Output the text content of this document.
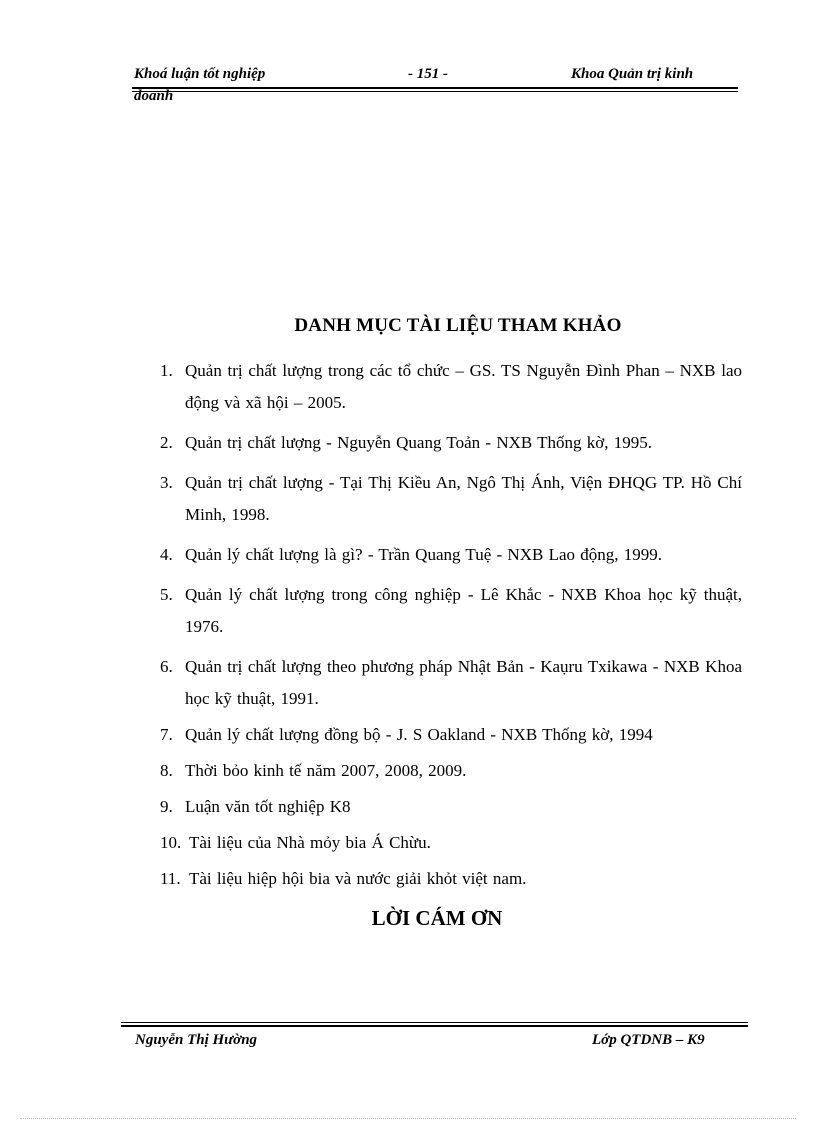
Khoá luận tốt nghiệp	- 151 -	Khoa Quản trị kinh
doanh
DANH MỤC TÀI LIỆU THAM KHẢO
1. Quản trị chất lượng trong các tổ chức – GS. TS Nguyễn Đình Phan – NXB lao động và xã hội – 2005.
2. Quản trị chất lượng - Nguyễn Quang Toản - NXB Thống kờ, 1995.
3. Quản trị chất lượng - Tại Thị Kiều An, Ngô Thị Ánh, Viện ĐHQG TP. Hồ Chí Minh, 1998.
4. Quản lý chất lượng là gì? - Trần Quang Tuệ - NXB Lao động, 1999.
5. Quản lý chất lượng trong công nghiệp - Lê Khắc - NXB Khoa học kỹ thuật, 1976.
6. Quản trị chất lượng theo phương pháp Nhật Bản - Kaụru Txikawa - NXB Khoa học kỹ thuật, 1991.
7. Quản lý chất lượng đồng bộ - J. S Oakland - NXB Thống kờ, 1994
8. Thời bỏo kinh tế năm 2007, 2008, 2009.
9. Luận văn tốt nghiệp K8
10. Tài liệu của Nhà mỏy bia Á Chừu.
11. Tài liệu hiệp hội bia và nước giải khỏt việt nam.
LỜI CÁM ƠN
Nguyễn Thị Hường	Lớp QTDNB – K9
